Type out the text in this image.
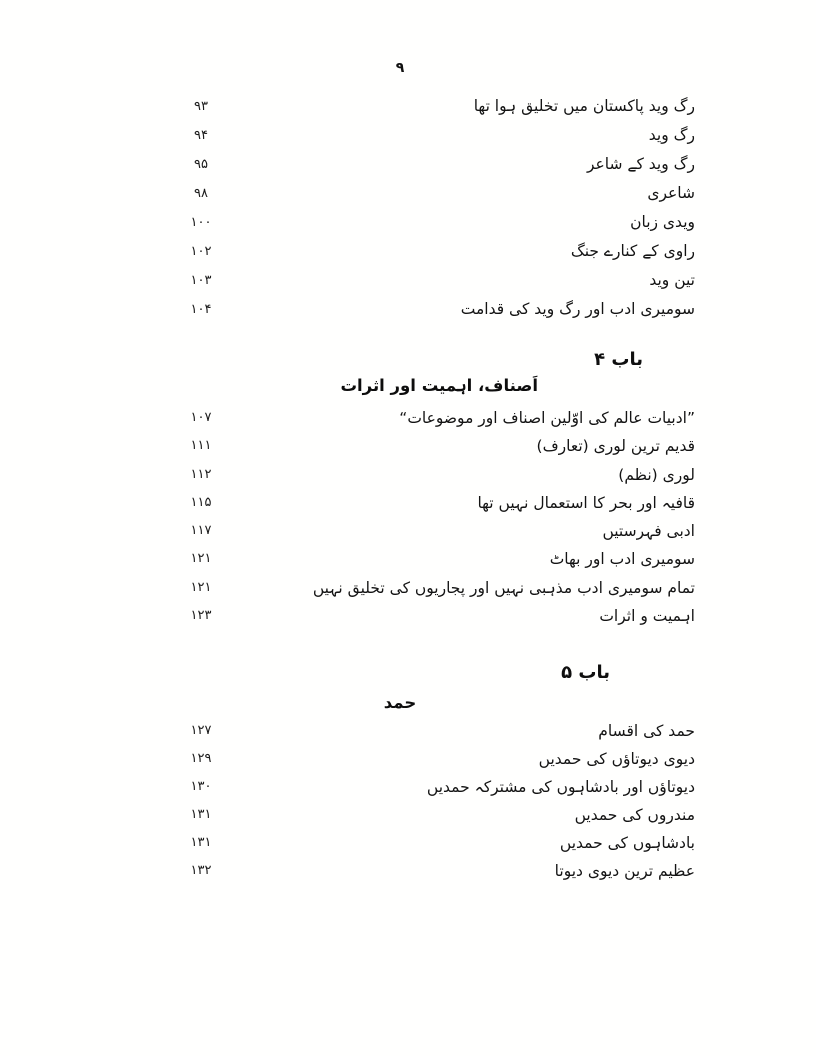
۹
۹۳	رگ وید پاکستان میں تخلیق ہوا تھا
۹۴	رگ وید
۹۵	رگ وید کے شاعر
۹۸	شاعری
۱۰۰	ویدی زبان
۱۰۲	راوی کے کنارے جنگ
۱۰۳	تین وید
۱۰۴	سومیری ادب اور رگ وید کی قدامت
باب ۴
اَصناف، اہمیت اور اثرات
۱۰۷	”ادبیات عالم کی اوّلین اصناف اور موضوعات“
۱۱۱	قدیم ترین لوری (تعارف)
۱۱۲	لوری (نظم)
۱۱۵	قافیہ اور بحر کا استعمال نہیں تھا
۱۱۷	ادبی فہرستیں
۱۲۱	سومیری ادب اور بھاٹ
۱۲۱	تمام سومیری ادب مذہبی نہیں اور پجاریوں کی تخلیق نہیں
۱۲۳	اہمیت و اثرات
باب ۵
حمد
۱۲۷	حمد کی اقسام
۱۲۹	دیوی دیوتاؤں کی حمدیں
۱۳۰	دیوتاؤں اور بادشاہوں کی مشترکہ حمدیں
۱۳۱	مندروں کی حمدیں
۱۳۱	بادشاہوں کی حمدیں
۱۳۲	عظیم ترین دیوی دیوتا
